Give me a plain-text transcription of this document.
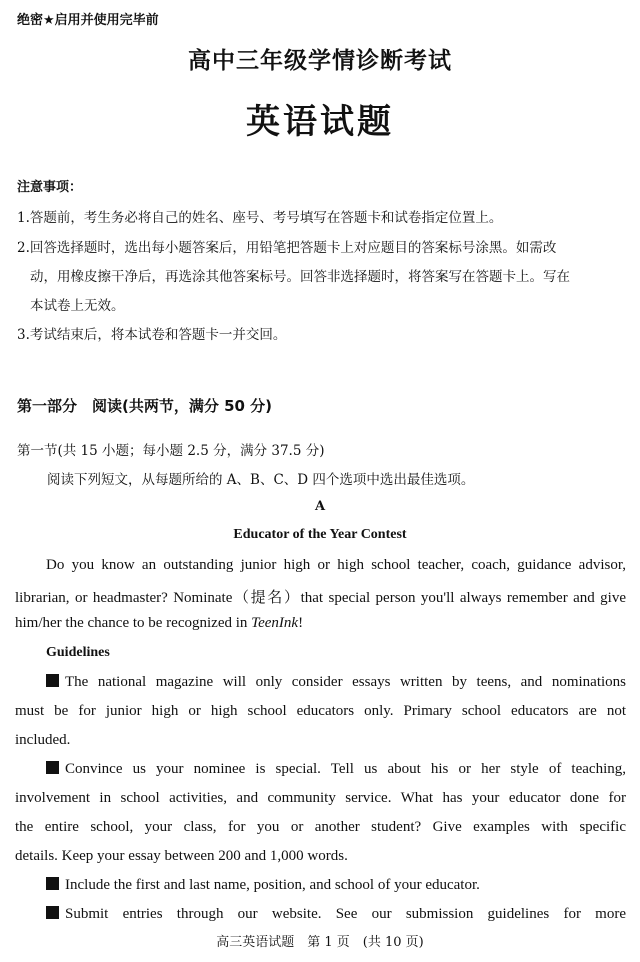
绝密★启用并使用完毕前
高中三年级学情诊断考试
英语试题
注意事项：
1.答题前，考生务必将自己的姓名、座号、考号填写在答题卡和试卷指定位置上。
2.回答选择题时，选出每小题答案后，用铅笔把答题卡上对应题目的答案标号涂黑。如需改
动，用橡皮擦干净后，再选涂其他答案标号。回答非选择题时，将答案写在答题卡上。写在
本试卷上无效。
3.考试结束后，将本试卷和答题卡一并交回。
第一部分　阅读(共两节，满分 50 分)
第一节(共 15 小题；每小题 2.5 分，满分 37.5 分)
阅读下列短文，从每题所给的 A、B、C、D 四个选项中选出最佳选项。
A
Educator of the Year Contest
Do you know an outstanding junior high or high school teacher, coach, guidance advisor,
librarian, or headmaster? Nominate（提名）that special person you'll always remember and give
him/her the chance to be recognized in TeenInk!
Guidelines
The national magazine will only consider essays written by teens, and nominations
must be for junior high or high school educators only. Primary school educators are not
included.
Convince us your nominee is special. Tell us about his or her style of teaching,
involvement in school activities, and community service. What has your educator done for
the entire school, your class, for you or another student? Give examples with specific
details. Keep your essay between 200 and 1,000 words.
Include the first and last name, position, and school of your educator.
Submit entries through our website. See our submission guidelines for more
高三英语试题　第 1 页　(共 10 页)
